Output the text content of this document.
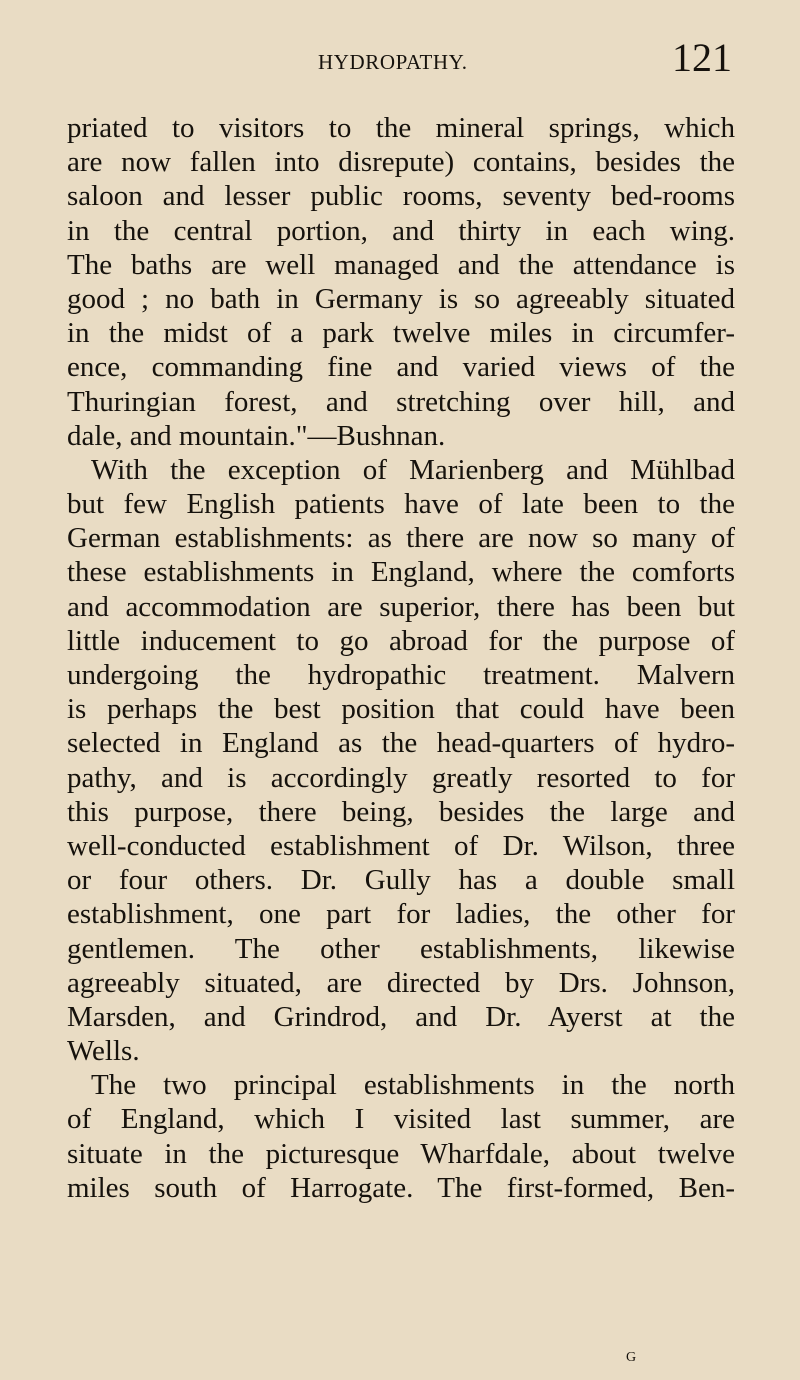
HYDROPATHY.	121
priated to visitors to the mineral springs, which
are now fallen into disrepute) contains, besides the
saloon and lesser public rooms, seventy bed-rooms
in the central portion, and thirty in each wing.
The baths are well managed and the attendance is
good ; no bath in Germany is so agreeably situated
in the midst of a park twelve miles in circumfer-
ence, commanding fine and varied views of the
Thuringian forest, and stretching over hill, and
dale, and mountain."—Bushnan.
With the exception of Marienberg and Mühlbad
but few English patients have of late been to the
German establishments: as there are now so many of
these establishments in England, where the comforts
and accommodation are superior, there has been but
little inducement to go abroad for the purpose of
undergoing the hydropathic treatment. Malvern
is perhaps the best position that could have been
selected in England as the head-quarters of hydro-
pathy, and is accordingly greatly resorted to for
this purpose, there being, besides the large and
well-conducted establishment of Dr. Wilson, three
or four others. Dr. Gully has a double small
establishment, one part for ladies, the other for
gentlemen. The other establishments, likewise
agreeably situated, are directed by Drs. Johnson,
Marsden, and Grindrod, and Dr. Ayerst at the
Wells.
The two principal establishments in the north
of England, which I visited last summer, are
situate in the picturesque Wharfdale, about twelve
miles south of Harrogate. The first-formed, Ben-
G
